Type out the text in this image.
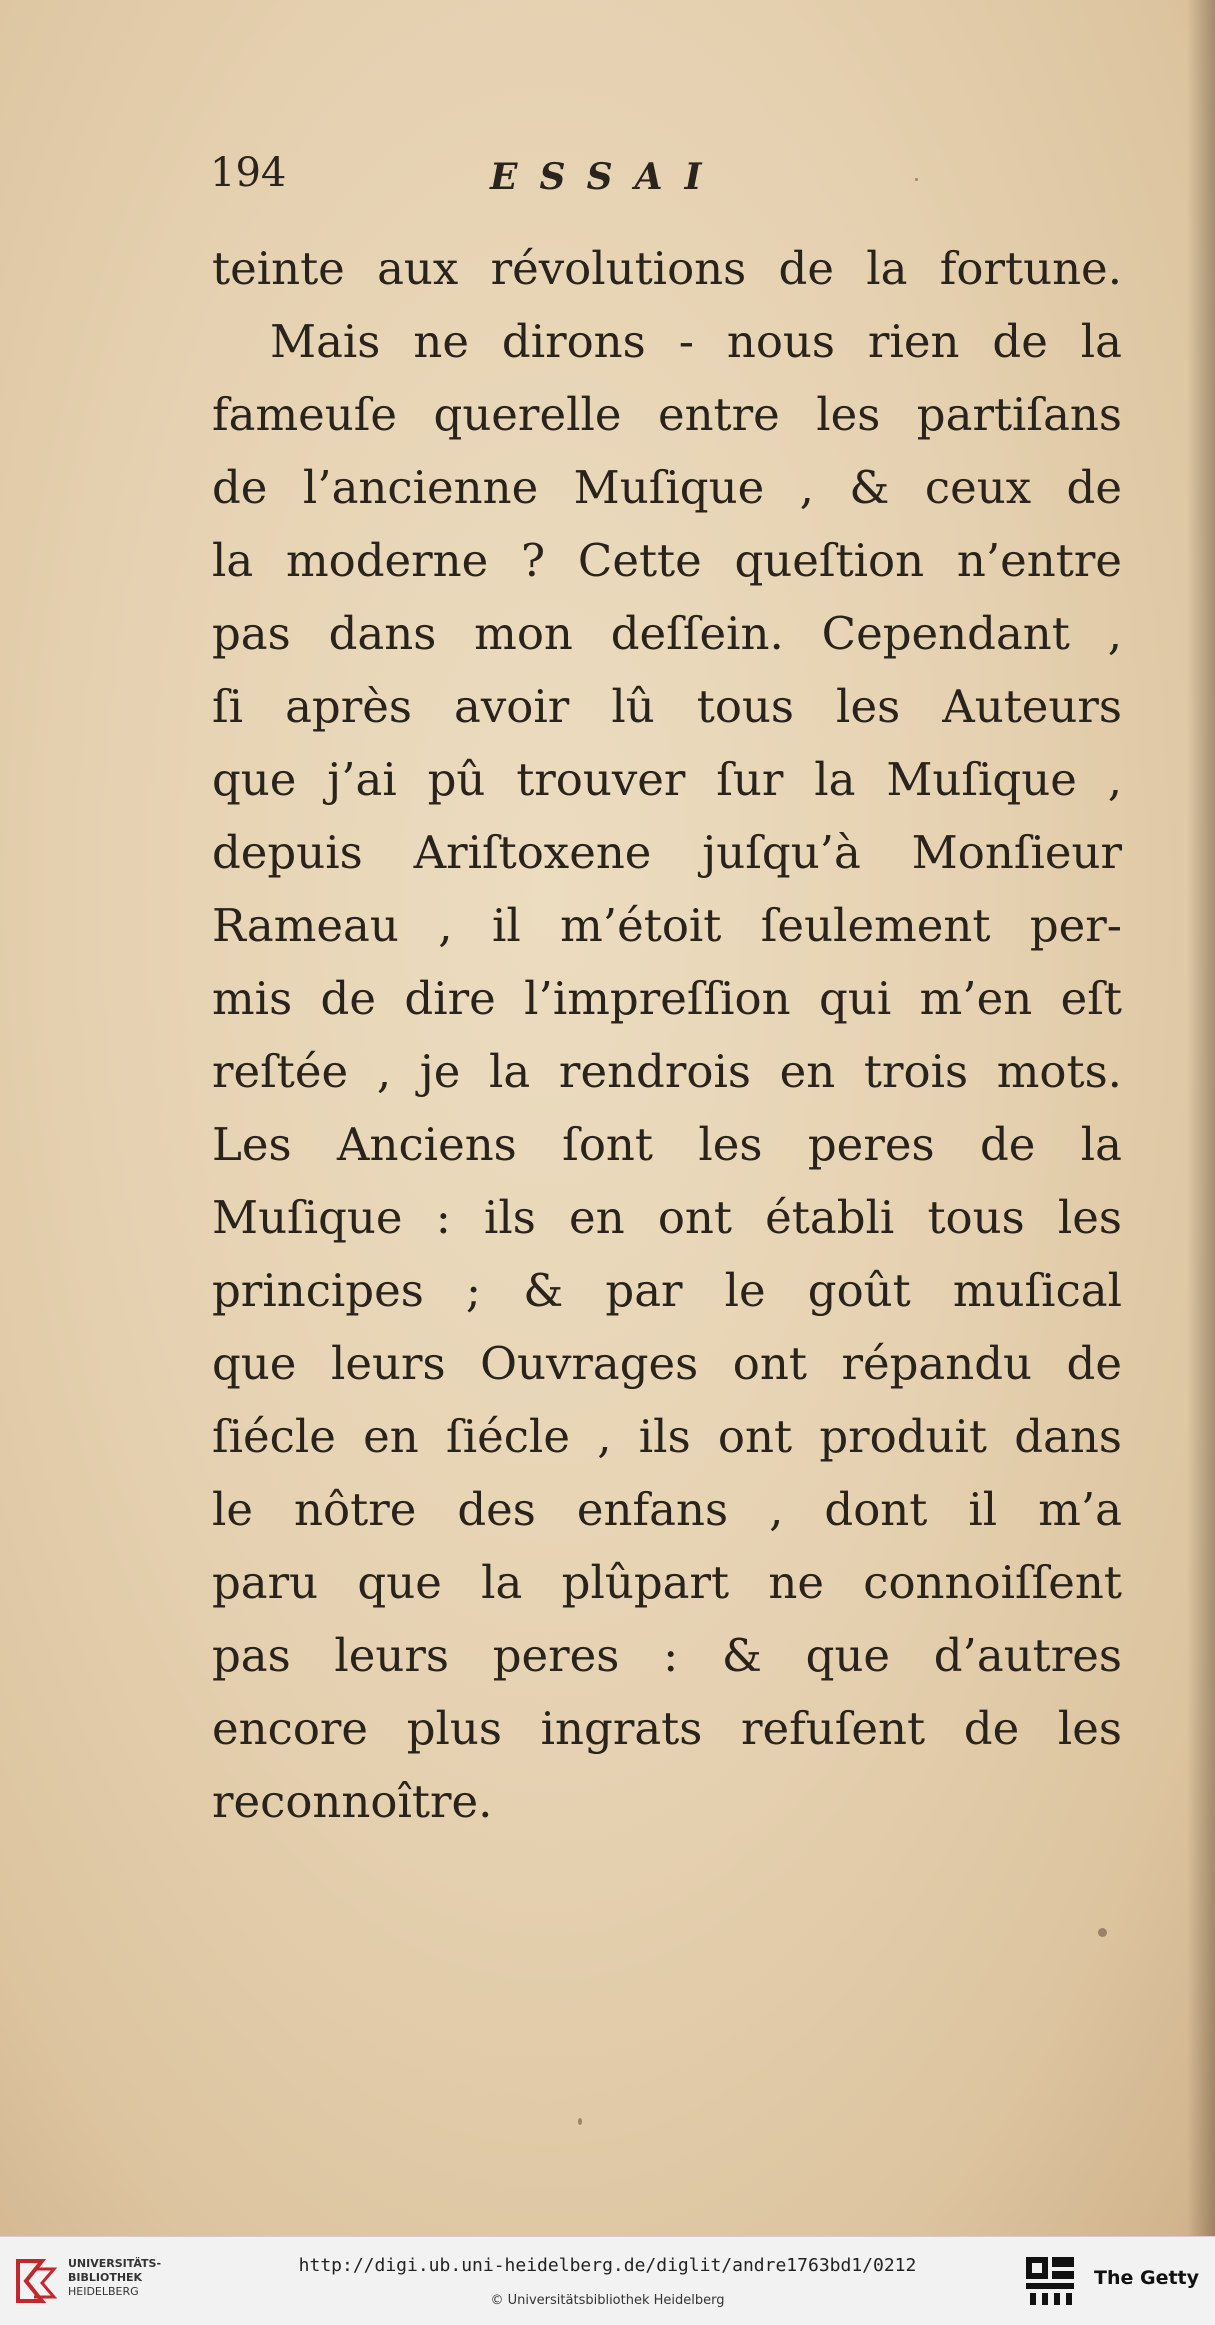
194	ESSAI
teinte aux révolutions de la fortune.
Mais ne dirons - nous rien de la
fameuſe querelle entre les partiſans
de l’ancienne Muſique , & ceux de
la moderne ? Cette queſtion n’entre
pas dans mon deſſein. Cependant ,
ſi après avoir lû tous les Auteurs
que j’ai pû trouver ſur la Muſique ,
depuis Ariſtoxene juſqu’à Monſieur
Rameau , il m’étoit ſeulement per-
mis de dire l’impreſſion qui m’en eſt
reſtée , je la rendrois en trois mots.
Les Anciens ſont les peres de la
Muſique : ils en ont établi tous les
principes ; & par le goût muſical
que leurs Ouvrages ont répandu de
ſiécle en ſiécle , ils ont produit dans
le nôtre des enfans , dont il m’a
paru que la plûpart ne connoiſſent
pas leurs peres : & que d’autres
encore plus ingrats refuſent de les
reconnoître.
UNIVERSITÄTS-
BIBLIOTHEK
HEIDELBERG
http://digi.ub.uni-heidelberg.de/diglit/andre1763bd1/0212
© Universitätsbibliothek Heidelberg
The Getty
